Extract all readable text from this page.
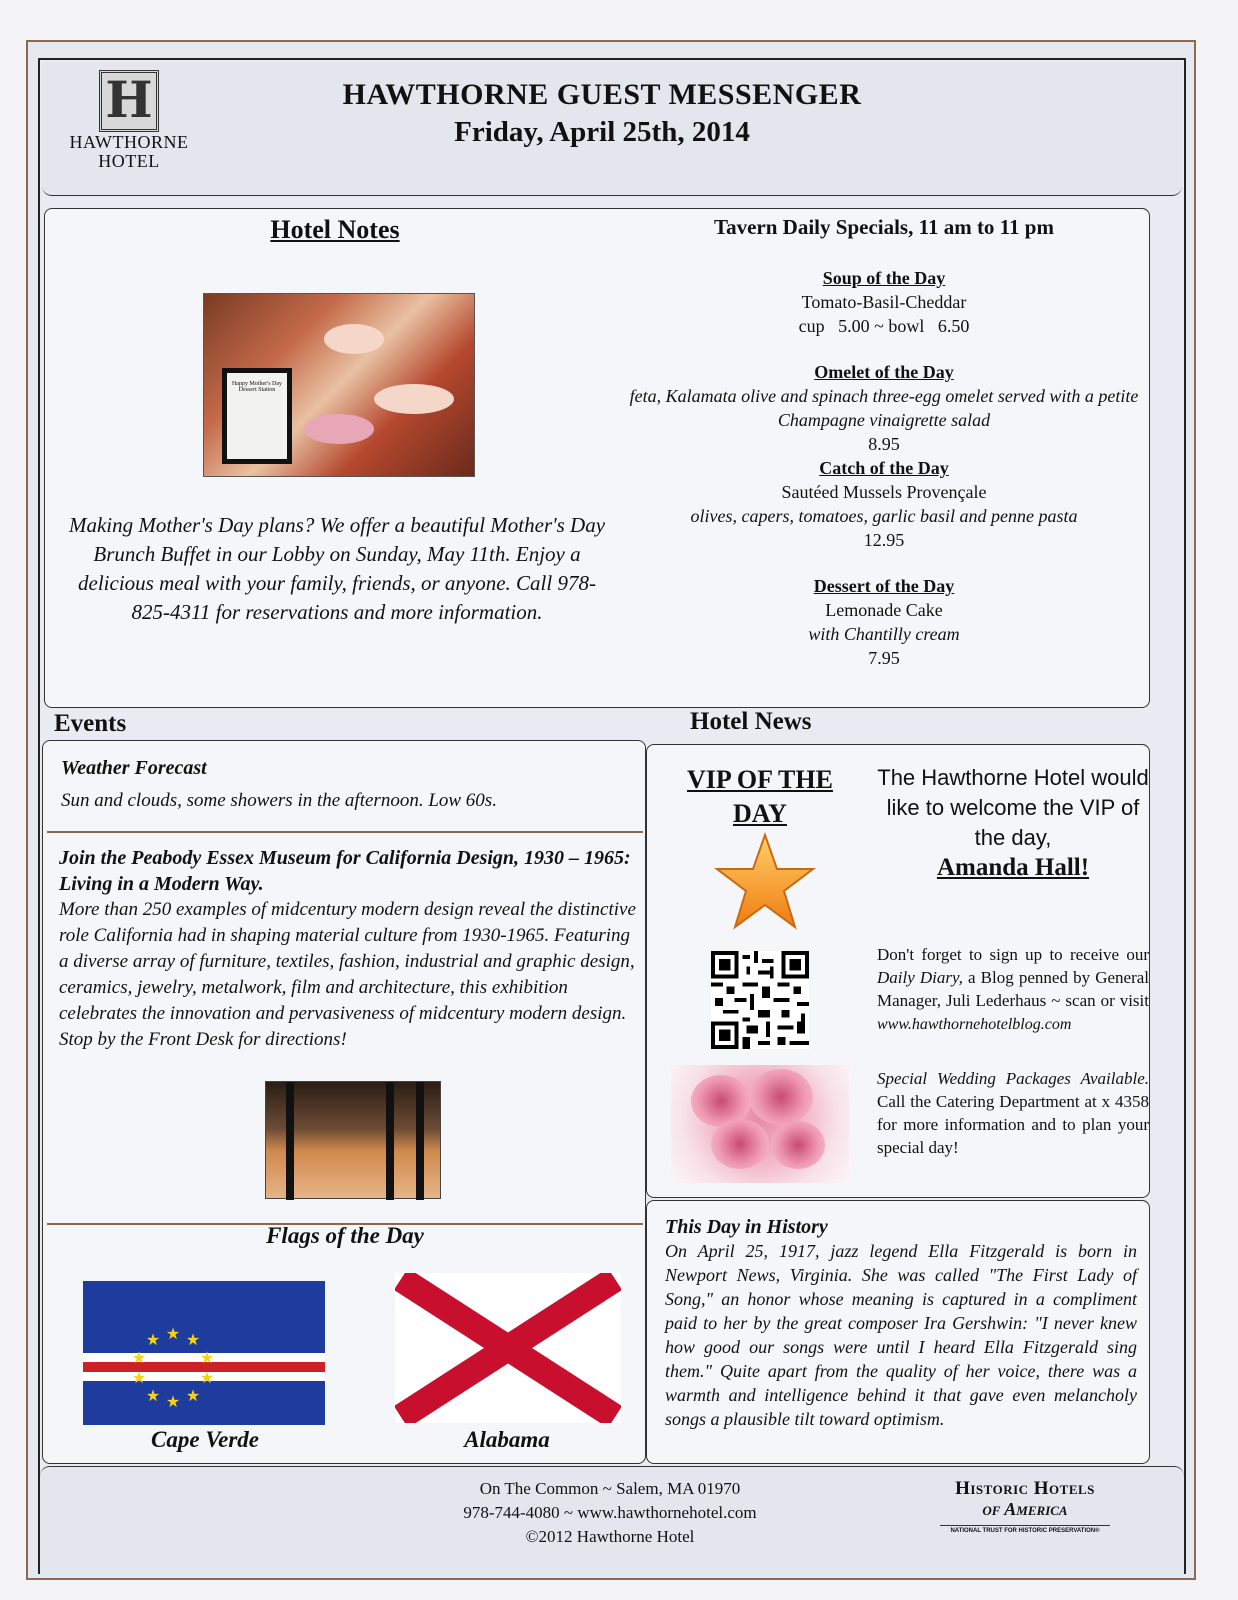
H
HAWTHORNE
HOTEL
HAWTHORNE GUEST MESSENGER
Friday, April 25th, 2014
Hotel Notes
Happy Mother's Day
Dessert Station
Making Mother's Day plans? We offer a beautiful Mother's Day Brunch Buffet in our Lobby on Sunday, May 11th. Enjoy a delicious meal with your family, friends, or anyone. Call 978-825-4311 for reservations and more information.
Tavern Daily Specials, 11 am to 11 pm
Soup of the Day
Tomato-Basil-Cheddar
cup   5.00 ~ bowl   6.50
Omelet of the Day
feta, Kalamata olive and spinach three-egg omelet served with a petite Champagne vinaigrette salad
8.95
Catch of the Day
Sautéed Mussels Provençale
olives, capers, tomatoes, garlic basil and penne pasta
12.95
Dessert of the Day
Lemonade Cake
with Chantilly cream
7.95
Events	Hotel News
Weather Forecast

Sun and clouds, some showers in the afternoon. Low 60s.

Join the Peabody Essex Museum for California Design, 1930 – 1965: Living in a Modern Way.
More than 250 examples of midcentury modern design reveal the distinctive role California had in shaping material culture from 1930-1965. Featuring a diverse array of furniture, textiles, fashion, industrial and graphic design, ceramics, jewelry, metalwork, film and architecture, this exhibition celebrates the innovation and pervasiveness of midcentury modern design. Stop by the Front Desk for directions!
Flags of the Day
★
★ ★
★	★
★	★
★ ★
★
Cape Verde	Alabama
VIP OF THE DAY
The Hawthorne Hotel would like to welcome the VIP of the day,
Amanda Hall!
Don't forget to sign up to receive our Daily Diary, a Blog penned by General Manager, Juli Lederhaus ~ scan or visit www.hawthornehotelblog.com
Special Wedding Packages Available. Call the Catering Department at x 4358 for more information and to plan your special day!
This Day in History
On April 25, 1917, jazz legend Ella Fitzgerald is born in Newport News, Virginia. She was called "The First Lady of Song," an honor whose meaning is captured in a compliment paid to her by the great composer Ira Gershwin: "I never knew how good our songs were until I heard Ella Fitzgerald sing them." Quite apart from the quality of her voice, there was a warmth and intelligence behind it that gave even melancholy songs a plausible tilt toward optimism.
On The Common ~ Salem, MA 01970
978-744-4080 ~ www.hawthornehotel.com
©2012 Hawthorne Hotel
Historic Hotels
of America
NATIONAL TRUST FOR HISTORIC PRESERVATION®
